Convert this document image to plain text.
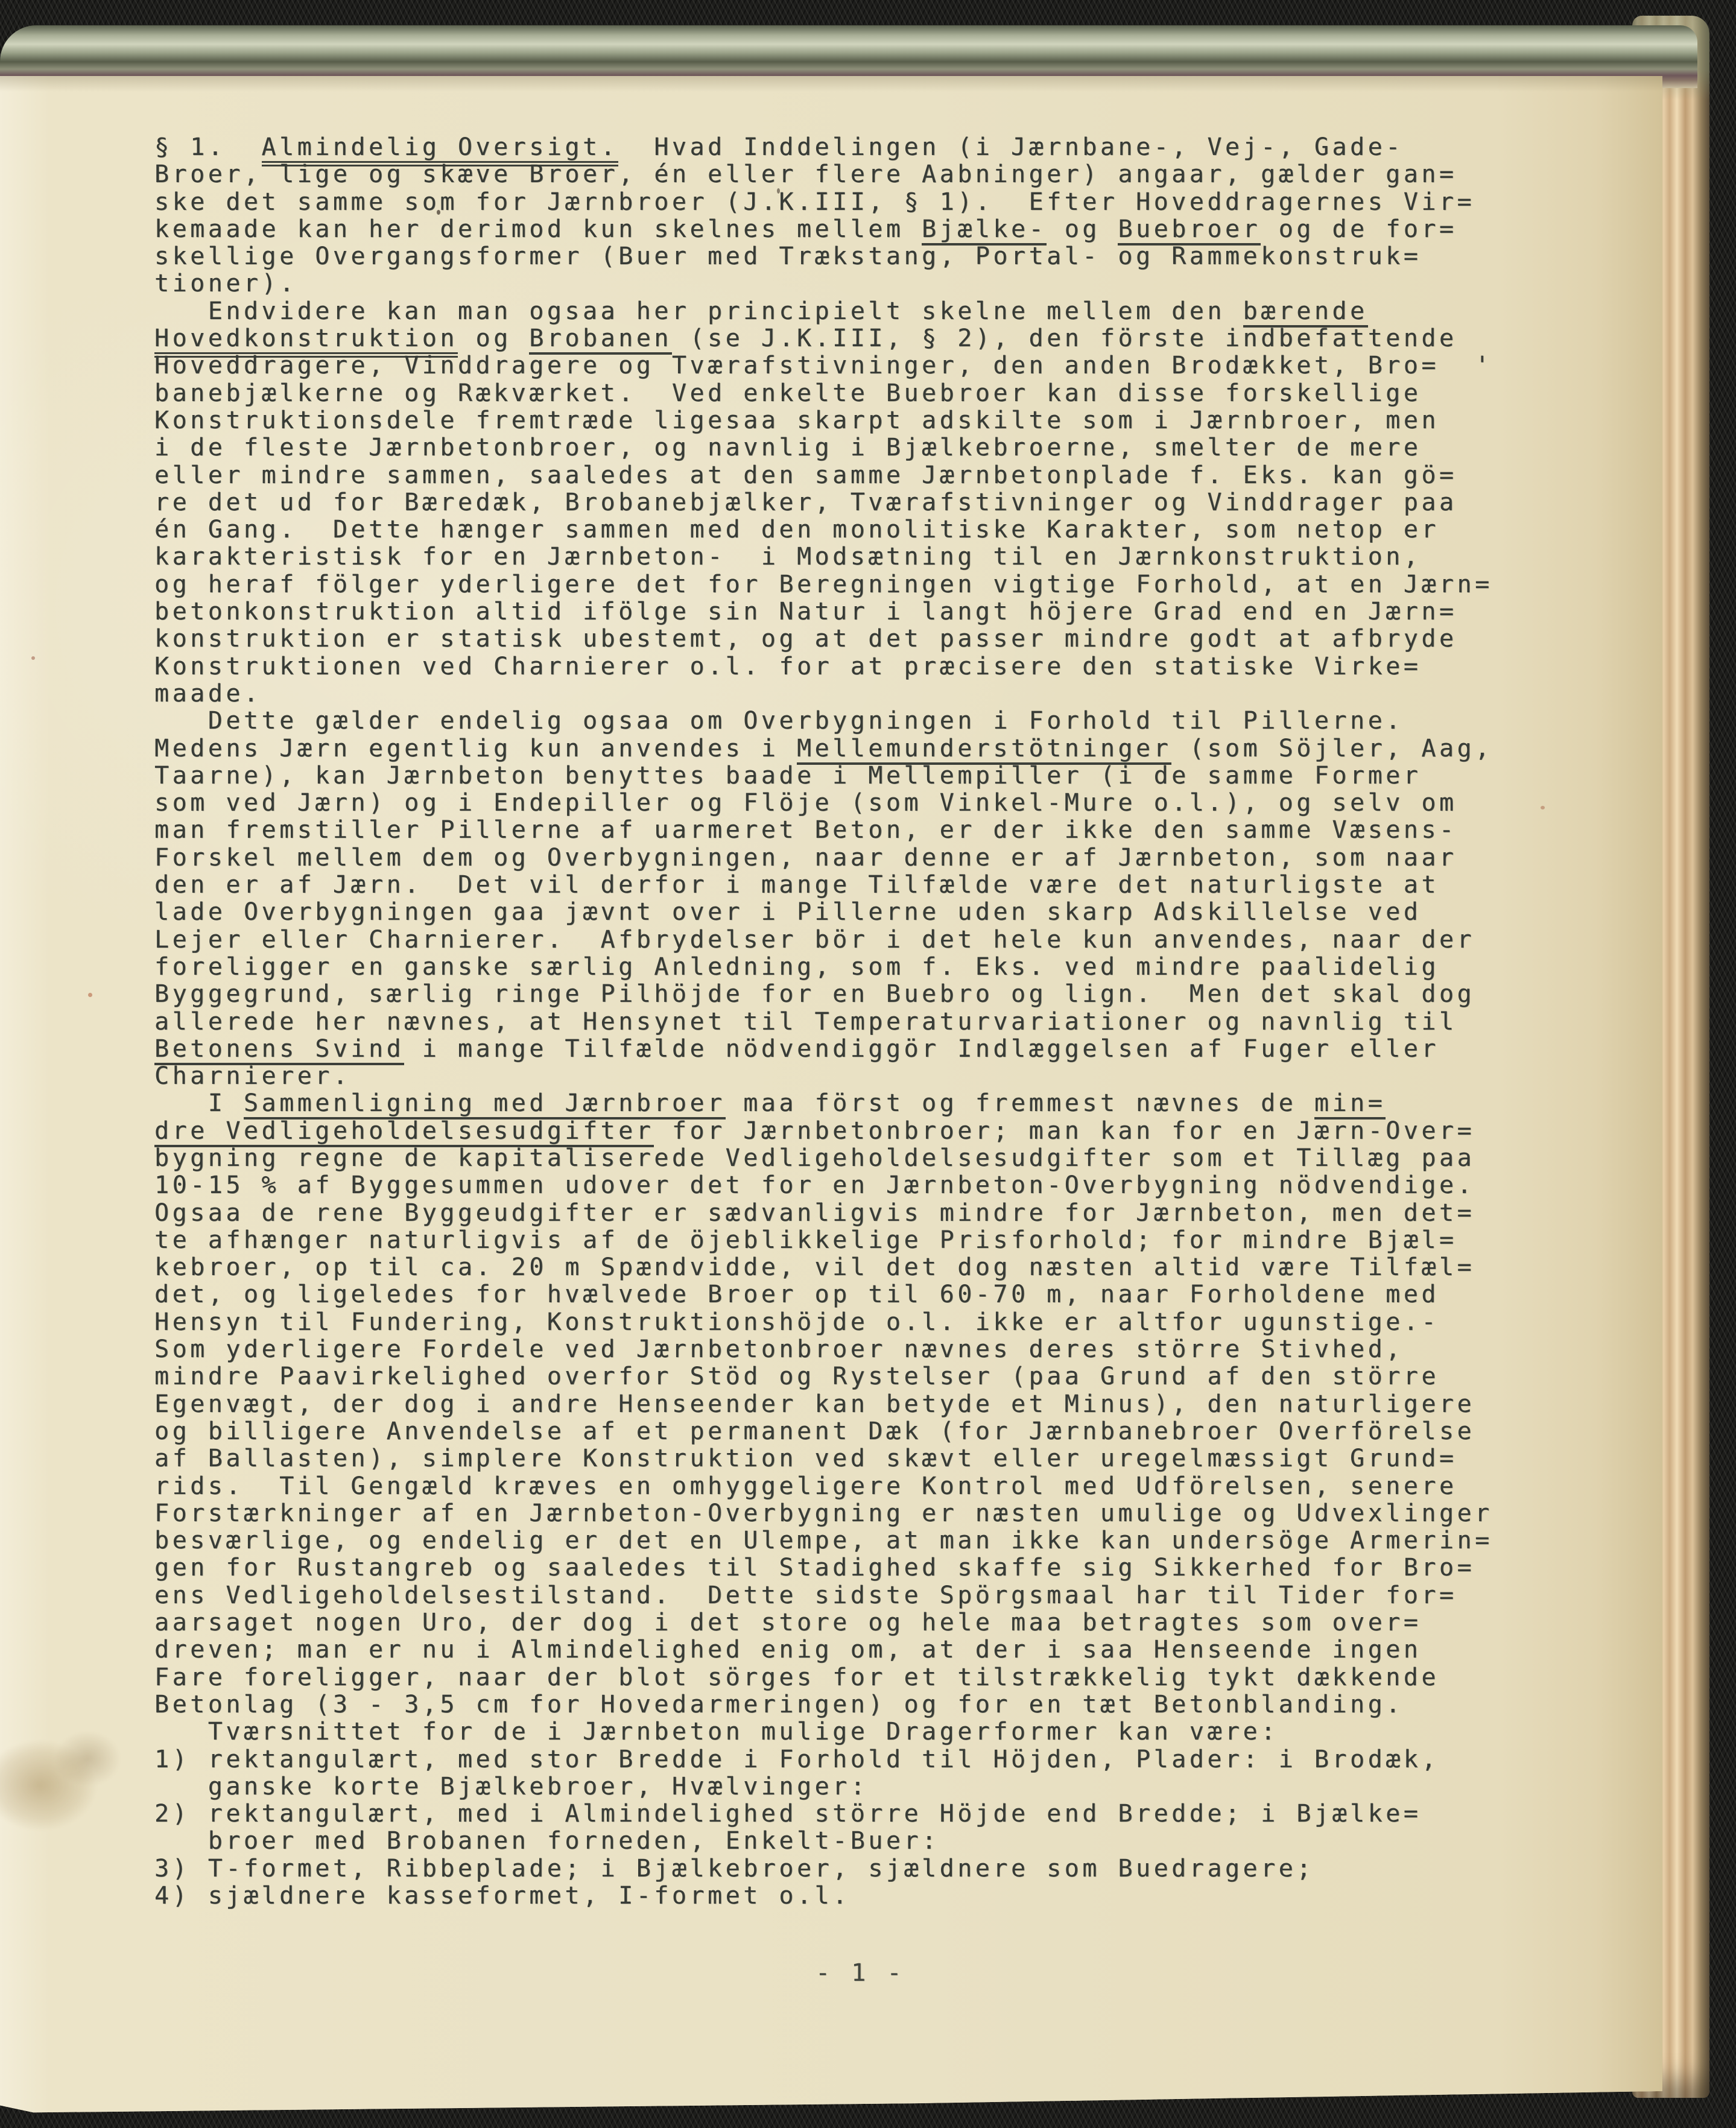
§ 1.  Almindelig Oversigt.  Hvad Inddelingen (i Jærnbane-, Vej-, Gade-
Broer, lige og skæve Broer, én eller flere Aabninger) angaar, gælder gan=
ske det samme som for Jærnbroer (J.K.III, § 1).  Efter Hoveddragernes Vir=
kemaade kan her derimod kun skelnes mellem Bjælke- og Buebroer og de for=
skellige Overgangsformer (Buer med Trækstang, Portal- og Rammekonstruk=
tioner).
Endvidere kan man ogsaa her principielt skelne mellem den bærende
Hovedkonstruktion og Brobanen (se J.K.III, § 2), den förste indbefattende
Hoveddragere, Vinddragere og Tværafstivninger, den anden Brodækket, Bro=  '
banebjælkerne og Rækværket.  Ved enkelte Buebroer kan disse forskellige
Konstruktionsdele fremtræde ligesaa skarpt adskilte som i Jærnbroer, men
i de fleste Jærnbetonbroer, og navnlig i Bjælkebroerne, smelter de mere
eller mindre sammen, saaledes at den samme Jærnbetonplade f. Eks. kan gö=
re det ud for Bæredæk, Brobanebjælker, Tværafstivninger og Vinddrager paa
én Gang.  Dette hænger sammen med den monolitiske Karakter, som netop er
karakteristisk for en Jærnbeton-  i Modsætning til en Jærnkonstruktion,
og heraf fölger yderligere det for Beregningen vigtige Forhold, at en Jærn=
betonkonstruktion altid ifölge sin Natur i langt höjere Grad end en Jærn=
konstruktion er statisk ubestemt, og at det passer mindre godt at afbryde
Konstruktionen ved Charnierer o.l. for at præcisere den statiske Virke=
maade.
Dette gælder endelig ogsaa om Overbygningen i Forhold til Pillerne.
Medens Jærn egentlig kun anvendes i Mellemunderstötninger (som Söjler, Aag,
Taarne), kan Jærnbeton benyttes baade i Mellempiller (i de samme Former
som ved Jærn) og i Endepiller og Flöje (som Vinkel-Mure o.l.), og selv om
man fremstiller Pillerne af uarmeret Beton, er der ikke den samme Væsens-
Forskel mellem dem og Overbygningen, naar denne er af Jærnbeton, som naar
den er af Jærn.  Det vil derfor i mange Tilfælde være det naturligste at
lade Overbygningen gaa jævnt over i Pillerne uden skarp Adskillelse ved
Lejer eller Charnierer.  Afbrydelser bör i det hele kun anvendes, naar der
foreligger en ganske særlig Anledning, som f. Eks. ved mindre paalidelig
Byggegrund, særlig ringe Pilhöjde for en Buebro og lign.  Men det skal dog
allerede her nævnes, at Hensynet til Temperaturvariationer og navnlig til
Betonens Svind i mange Tilfælde nödvendiggör Indlæggelsen af Fuger eller
Charnierer.
I Sammenligning med Jærnbroer maa först og fremmest nævnes de min=
dre Vedligeholdelsesudgifter for Jærnbetonbroer; man kan for en Jærn-Over=
bygning regne de kapitaliserede Vedligeholdelsesudgifter som et Tillæg paa
10-15 % af Byggesummen udover det for en Jærnbeton-Overbygning nödvendige.
Ogsaa de rene Byggeudgifter er sædvanligvis mindre for Jærnbeton, men det=
te afhænger naturligvis af de öjeblikkelige Prisforhold; for mindre Bjæl=
kebroer, op til ca. 20 m Spændvidde, vil det dog næsten altid være Tilfæl=
det, og ligeledes for hvælvede Broer op til 60-70 m, naar Forholdene med
Hensyn til Fundering, Konstruktionshöjde o.l. ikke er altfor ugunstige.-
Som yderligere Fordele ved Jærnbetonbroer nævnes deres större Stivhed,
mindre Paavirkelighed overfor Stöd og Rystelser (paa Grund af den större
Egenvægt, der dog i andre Henseender kan betyde et Minus), den naturligere
og billigere Anvendelse af et permanent Dæk (for Jærnbanebroer Overförelse
af Ballasten), simplere Konstruktion ved skævt eller uregelmæssigt Grund=
rids.  Til Gengæld kræves en omhyggeligere Kontrol med Udförelsen, senere
Forstærkninger af en Jærnbeton-Overbygning er næsten umulige og Udvexlinger
besværlige, og endelig er det en Ulempe, at man ikke kan undersöge Armerin=
gen for Rustangreb og saaledes til Stadighed skaffe sig Sikkerhed for Bro=
ens Vedligeholdelsestilstand.  Dette sidste Spörgsmaal har til Tider for=
aarsaget nogen Uro, der dog i det store og hele maa betragtes som over=
dreven; man er nu i Almindelighed enig om, at der i saa Henseende ingen
Fare foreligger, naar der blot sörges for et tilstrækkelig tykt dækkende
Betonlag (3 - 3,5 cm for Hovedarmeringen) og for en tæt Betonblanding.
Tværsnittet for de i Jærnbeton mulige Dragerformer kan være:
1) rektangulært, med stor Bredde i Forhold til Höjden, Plader: i Brodæk,
ganske korte Bjælkebroer, Hvælvinger:
2) rektangulært, med i Almindelighed större Höjde end Bredde; i Bjælke=
broer med Brobanen forneden, Enkelt-Buer:
3) T-formet, Ribbeplade; i Bjælkebroer, sjældnere som Buedragere;
4) sjældnere kasseformet, I-formet o.l.
- 1 -
